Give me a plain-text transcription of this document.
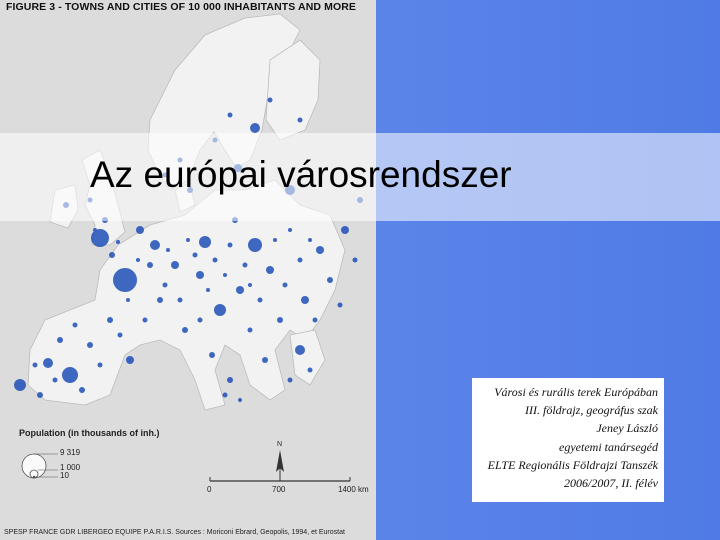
FIGURE 3 - TOWNS AND CITIES OF 10 000 INHABITANTS AND MORE
Population (in thousands of inh.)
9 319
1 000
10
N
0	700	1400 km
SPESP FRANCE GDR LIBERGEO EQUIPE P.A.R.I.S. Sources : Moriconi Ebrard, Geopolis, 1994, et Eurostat
Az európai városrendszer
Városi és rurális terek Európában
III. földrajz, geográfus szak
Jeney László
egyetemi tanársegéd
ELTE Regionális Földrajzi Tanszék
2006/2007, II. félév
